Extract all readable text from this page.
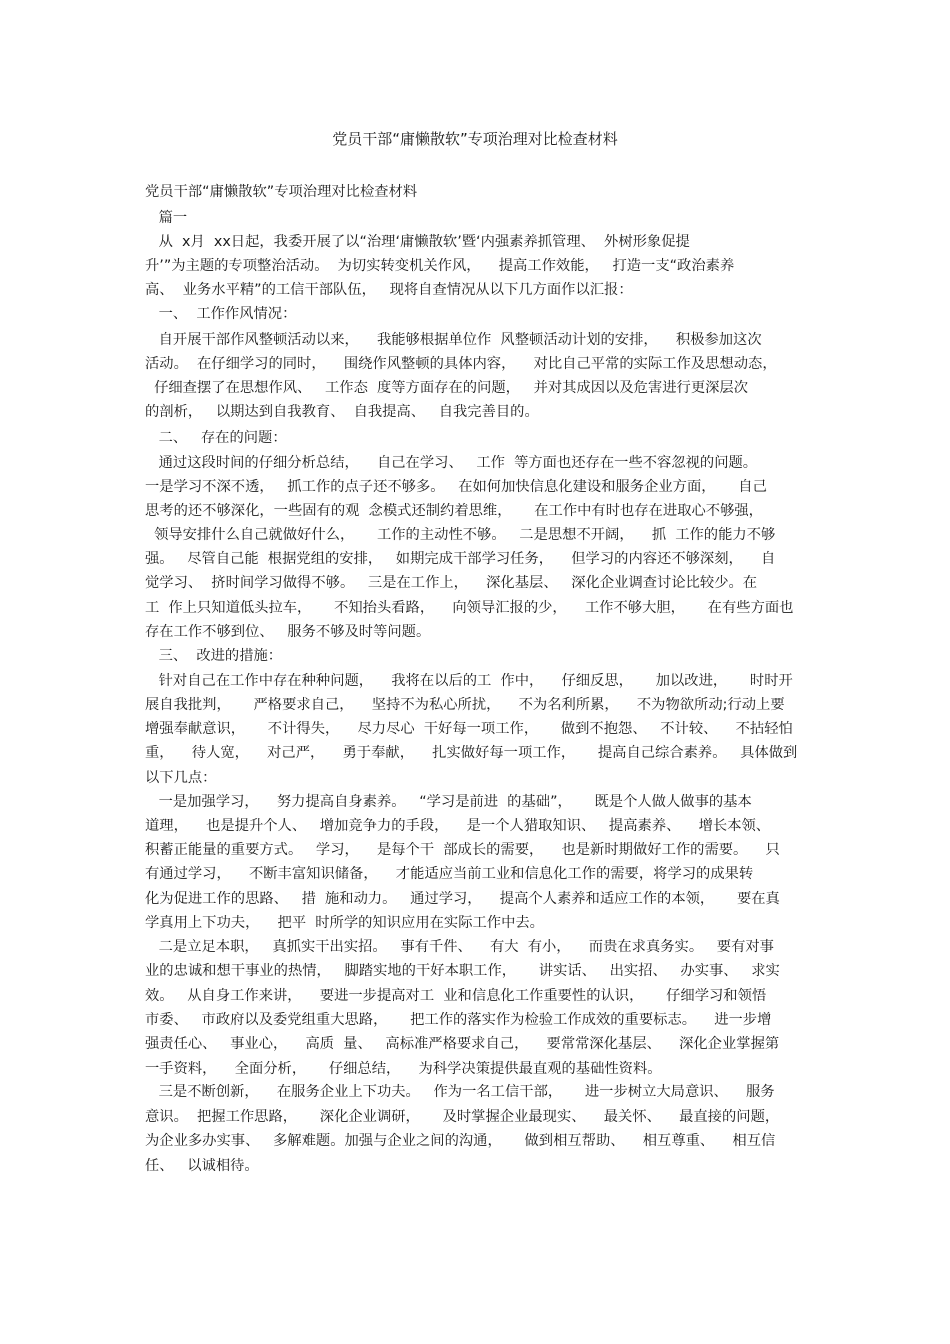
党员干部“庸懒散软”专项治理对比检查材料
党员干部“庸懒散软”专项治理对比检查材料
篇一
从  x月  xx日起，我委开展了以“治理‘庸懒散软’暨‘内强素养抓管理、  外树形象促提
升’”为主题的专项整治活动。  为切实转变机关作风，    提高工作效能，   打造一支“政治素养
高、  业务水平精”的工信干部队伍，   现将自查情况从以下几方面作以汇报：
一、  工作作风情况：
自开展干部作风整顿活动以来，    我能够根据单位作  风整顿活动计划的安排，    积极参加这次
活动。  在仔细学习的同时，    围绕作风整顿的具体内容，    对比自己平常的实际工作及思想动态，
仔细查摆了在思想作风、   工作态  度等方面存在的问题，   并对其成因以及危害进行更深层次
的剖析，   以期达到自我教育、  自我提高、   自我完善目的。
二、   存在的问题：
通过这段时间的仔细分析总结，    自己在学习、   工作  等方面也还存在一些不容忽视的问题。
一是学习不深不透，   抓工作的点子还不够多。   在如何加快信息化建设和服务企业方面，     自己
思考的还不够深化，一些固有的观  念模式还制约着思维，     在工作中有时也存在进取心不够强，
领导安排什么自己就做好什么，     工作的主动性不够。   二是思想不开阔，    抓  工作的能力不够
强。   尽管自己能  根据党组的安排，   如期完成干部学习任务，    但学习的内容还不够深刻，    自
觉学习、  挤时间学习做得不够。   三是在工作上，    深化基层、   深化企业调查讨论比较少。在
工  作上只知道低头拉车，     不知抬头看路，    向领导汇报的少，    工作不够大胆，     在有些方面也
存在工作不够到位、   服务不够及时等问题。
三、  改进的措施：
针对自己在工作中存在种种问题，    我将在以后的工  作中，    仔细反思，     加以改进，     时时开
展自我批判，     严格要求自己，    坚持不为私心所扰，    不为名利所累，    不为物欲所动;行动上要
增强奉献意识，     不计得失，    尽力尽心  干好每一项工作，     做到不抱怨、   不计较、    不拈轻怕
重，    待人宽，    对己严，    勇于奉献，    扎实做好每一项工作，     提高自己综合素养。   具体做到
以下几点：
一是加强学习，    努力提高自身素养。   “学习是前进  的基础”，     既是个人做人做事的基本
道理，    也是提升个人、   增加竞争力的手段，    是一个人猎取知识、   提高素养、    增长本领、
积蓄正能量的重要方式。   学习，    是每个干  部成长的需要，    也是新时期做好工作的需要。    只
有通过学习，    不断丰富知识储备，    才能适应当前工业和信息化工作的需要，将学习的成果转
化为促进工作的思路、   措  施和动力。   通过学习，    提高个人素养和适应工作的本领，     要在真
学真用上下功夫，    把平  时所学的知识应用在实际工作中去。
二是立足本职，   真抓实干出实招。   事有千件、    有大  有小，    而贵在求真务实。   要有对事
业的忠诚和想干事业的热情，   脚踏实地的干好本职工作，     讲实话、   出实招、   办实事、   求实
效。   从自身工作来讲，    要进一步提高对工  业和信息化工作重要性的认识，     仔细学习和领悟
市委、   市政府以及委党组重大思路，     把工作的落实作为检验工作成效的重要标志。    进一步增
强责任心、   事业心，    高质  量、   高标准严格要求自己，    要常常深化基层、    深化企业掌握第
一手资料，    全面分析，     仔细总结，    为科学决策提供最直观的基础性资料。
三是不断创新，    在服务企业上下功夫。   作为一名工信干部，     进一步树立大局意识、    服务
意识。  把握工作思路，     深化企业调研，     及时掌握企业最现实、    最关怀、    最直接的问题，
为企业多办实事、   多解难题。加强与企业之间的沟通，     做到相互帮助、    相互尊重、    相互信
任、   以诚相待。
